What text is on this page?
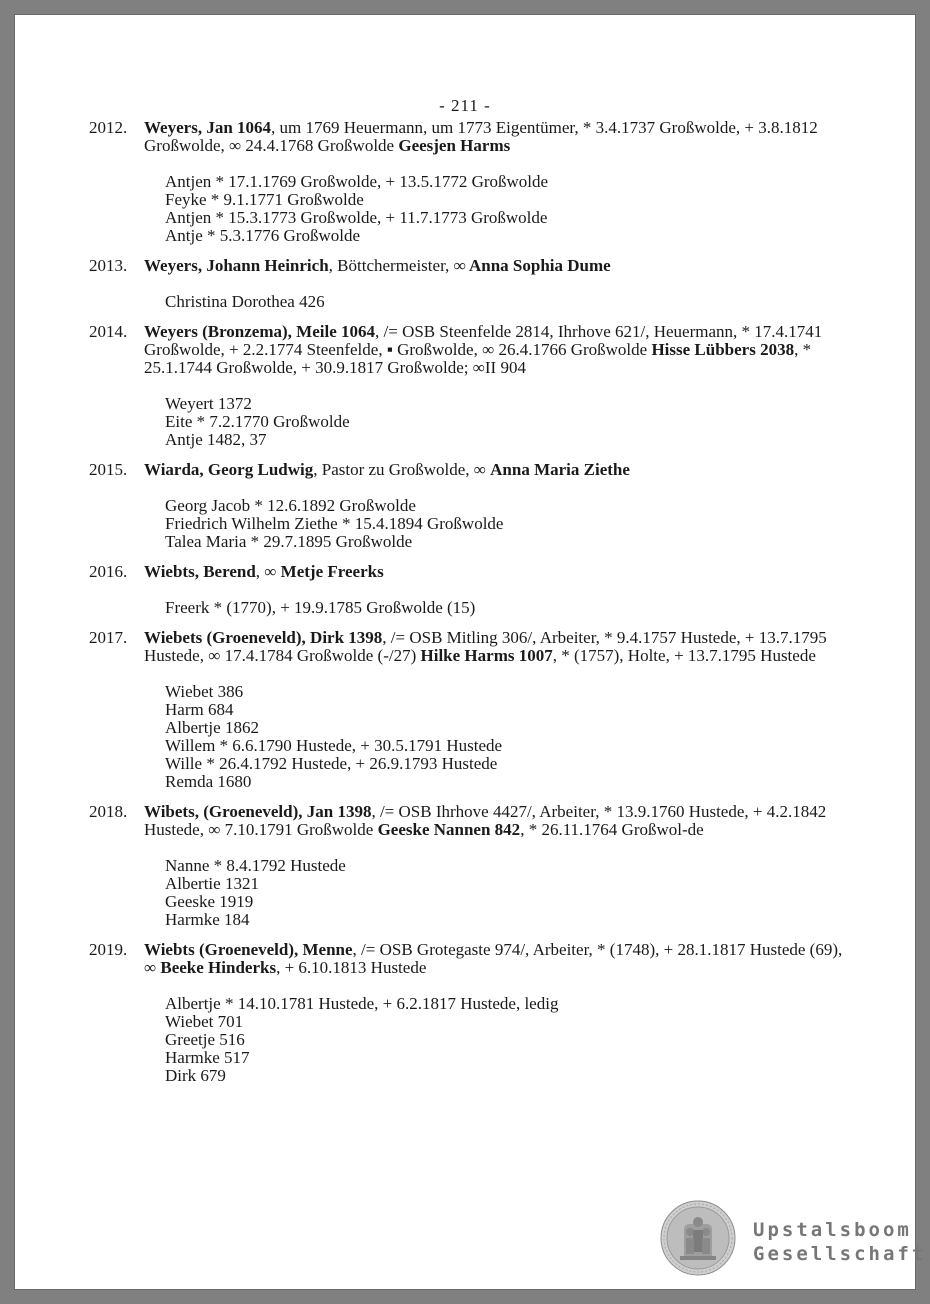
- 211 -
2012. Weyers, Jan 1064, um 1769 Heuermann, um 1773 Eigentümer, * 3.4.1737 Großwolde, + 3.8.1812 Großwolde, ∞ 24.4.1768 Großwolde Geesjen Harms
Antjen * 17.1.1769 Großwolde, + 13.5.1772 Großwolde
Feyke * 9.1.1771 Großwolde
Antjen * 15.3.1773 Großwolde, + 11.7.1773 Großwolde
Antje * 5.3.1776 Großwolde
2013. Weyers, Johann Heinrich, Böttchermeister, ∞ Anna Sophia Dume
Christina Dorothea 426
2014. Weyers (Bronzema), Meile 1064, /= OSB Steenfelde 2814, Ihrhove 621/, Heuermann, * 17.4.1741 Großwolde, + 2.2.1774 Steenfelde, ▪ Großwolde, ∞ 26.4.1766 Großwolde Hisse Lübbers 2038, * 25.1.1744 Großwolde, + 30.9.1817 Großwolde; ∞II 904
Weyert 1372
Eite * 7.2.1770 Großwolde
Antje 1482, 37
2015. Wiarda, Georg Ludwig, Pastor zu Großwolde, ∞ Anna Maria Ziethe
Georg Jacob * 12.6.1892 Großwolde
Friedrich Wilhelm Ziethe * 15.4.1894 Großwolde
Talea Maria * 29.7.1895 Großwolde
2016. Wiebts, Berend, ∞ Metje Freerks
Freerk * (1770), + 19.9.1785 Großwolde (15)
2017. Wiebets (Groeneveld), Dirk 1398, /= OSB Mitling 306/, Arbeiter, * 9.4.1757 Hustede, + 13.7.1795 Hustede, ∞ 17.4.1784 Großwolde (-/27) Hilke Harms 1007, * (1757), Holte, + 13.7.1795 Hustede
Wiebet 386
Harm 684
Albertje 1862
Willem * 6.6.1790 Hustede, + 30.5.1791 Hustede
Wille * 26.4.1792 Hustede, + 26.9.1793 Hustede
Remda 1680
2018. Wibets, (Groeneveld), Jan 1398, /= OSB Ihrhove 4427/, Arbeiter, * 13.9.1760 Hustede, + 4.2.1842 Hustede, ∞ 7.10.1791 Großwolde Geeske Nannen 842, * 26.11.1764 Großwol-de
Nanne * 8.4.1792 Hustede
Albertie 1321
Geeske 1919
Harmke 184
2019. Wiebts (Groeneveld), Menne, /= OSB Grotegaste 974/, Arbeiter, * (1748), + 28.1.1817 Hustede (69), ∞ Beeke Hinderks, + 6.10.1813 Hustede
Albertje * 14.10.1781 Hustede, + 6.2.1817 Hustede, ledig
Wiebet 701
Greetje 516
Harmke 517
Dirk 679
Upstalsboom
Gesellschaft
